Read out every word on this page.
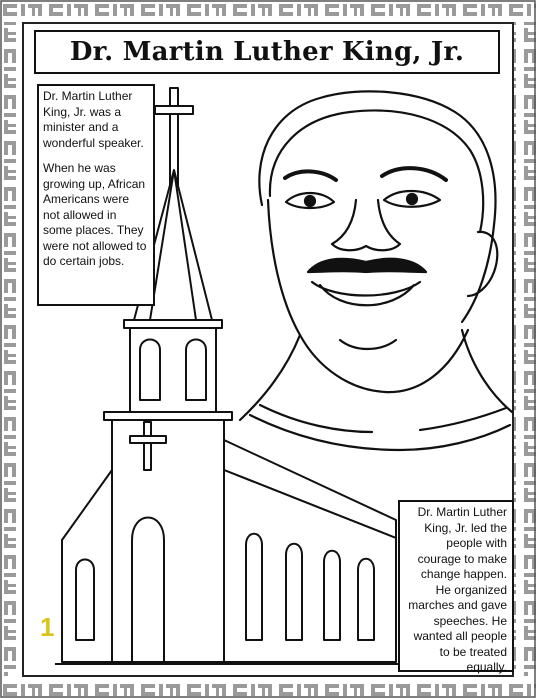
Dr. Martin Luther King, Jr.

Dr. Martin Luther King, Jr. was a minister and a wonderful speaker.

When he was growing up, African Americans were not allowed in some places. They were not allowed to do certain jobs.

Dr. Martin Luther King, Jr. led the people with courage to make change happen. He organized marches and gave speeches. He wanted all people to be treated equally.

1
